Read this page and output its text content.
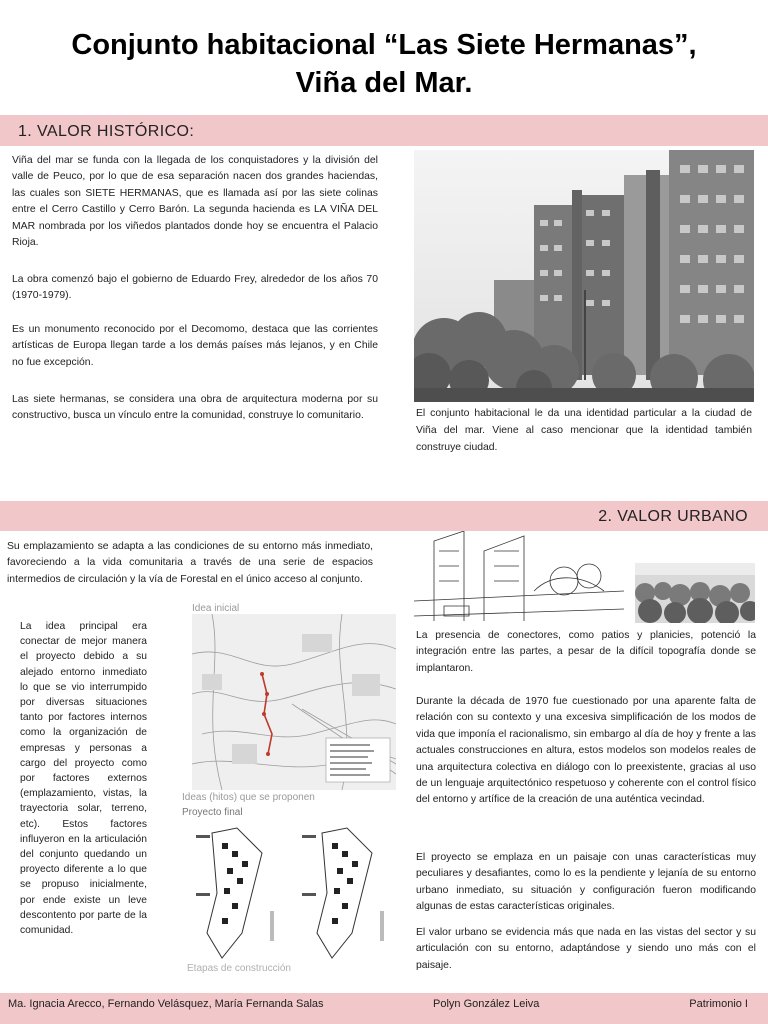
Conjunto habitacional “Las Siete Hermanas”,
Viña del Mar.
1. VALOR HISTÓRICO:
Viña del mar se funda con la llegada de los conquistadores y la división del valle de Peuco, por lo que de esa separación nacen dos grandes haciendas, las cuales son SIETE HERMANAS, que es llamada así por las siete colinas entre el Cerro Castillo y Cerro Barón. La segunda hacienda es LA VIÑA DEL MAR nombrada por los viñedos plantados donde hoy se encuentra el Palacio Rioja.
La obra comenzó bajo el gobierno de Eduardo Frey, alrededor de los años 70 (1970-1979).
Es un monumento reconocido por el Decomomo, destaca que las corrientes artísticas de Europa llegan tarde a los demás países más lejanos, y en Chile no fue excepción.
Las siete hermanas, se considera una obra de arquitectura moderna por su constructivo, busca un vínculo entre la comunidad, construye lo comunitario.	El conjunto habitacional le da una identidad particular a la ciudad de Viña del mar. Viene al caso mencionar que la identidad también construye ciudad.
2. VALOR URBANO
Su emplazamiento se adapta a las condiciones de su entorno más inmediato, favoreciendo a la vida comunitaria a través de una serie de espacios intermedios de circulación y la vía de Forestal en el único acceso al conjunto.
La idea principal era conectar de mejor manera el proyecto debido a su alejado entorno inmediato lo que se vio interrumpido por diversas situaciones tanto por factores internos como la organización de empresas y personas a cargo del proyecto como por factores externos (emplazamiento, vistas, la trayectoria solar, terreno, etc). Estos factores influyeron en la articulación del conjunto quedando un proyecto diferente a lo que se propuso inicialmente, por ende existe un leve descontento por parte de la comunidad.
Idea inicial
Ideas (hitos) que se proponen
Proyecto final
Etapas de construcción
La presencia de conectores, como patios y planicies, potenció la integración entre las partes, a pesar de la difícil topografía donde se implantaron.
Durante la década de 1970 fue cuestionado por una aparente falta de relación con su contexto y una excesiva simplificación de los modos de vida que imponía el racionalismo, sin embargo al día de hoy y frente a las actuales construcciones en altura, estos modelos son modelos reales de una arquitectura colectiva en diálogo con lo preexistente, gracias al uso de un lenguaje arquitectónico respetuoso y coherente con el control físico del entorno y artífice de la creación de una auténtica vecindad.
El proyecto se emplaza en un paisaje con unas características muy peculiares y desafiantes, como lo es la pendiente y lejanía de su entorno urbano inmediato, su situación y configuración fueron modificando algunas de estas características originales.
El valor urbano se evidencia más que nada en las vistas del sector y su articulación con su entorno, adaptándose y siendo uno más con el paisaje.
Ma. Ignacia Arecco, Fernando Velásquez, María Fernanda Salas	Polyn González Leiva	Patrimonio I
